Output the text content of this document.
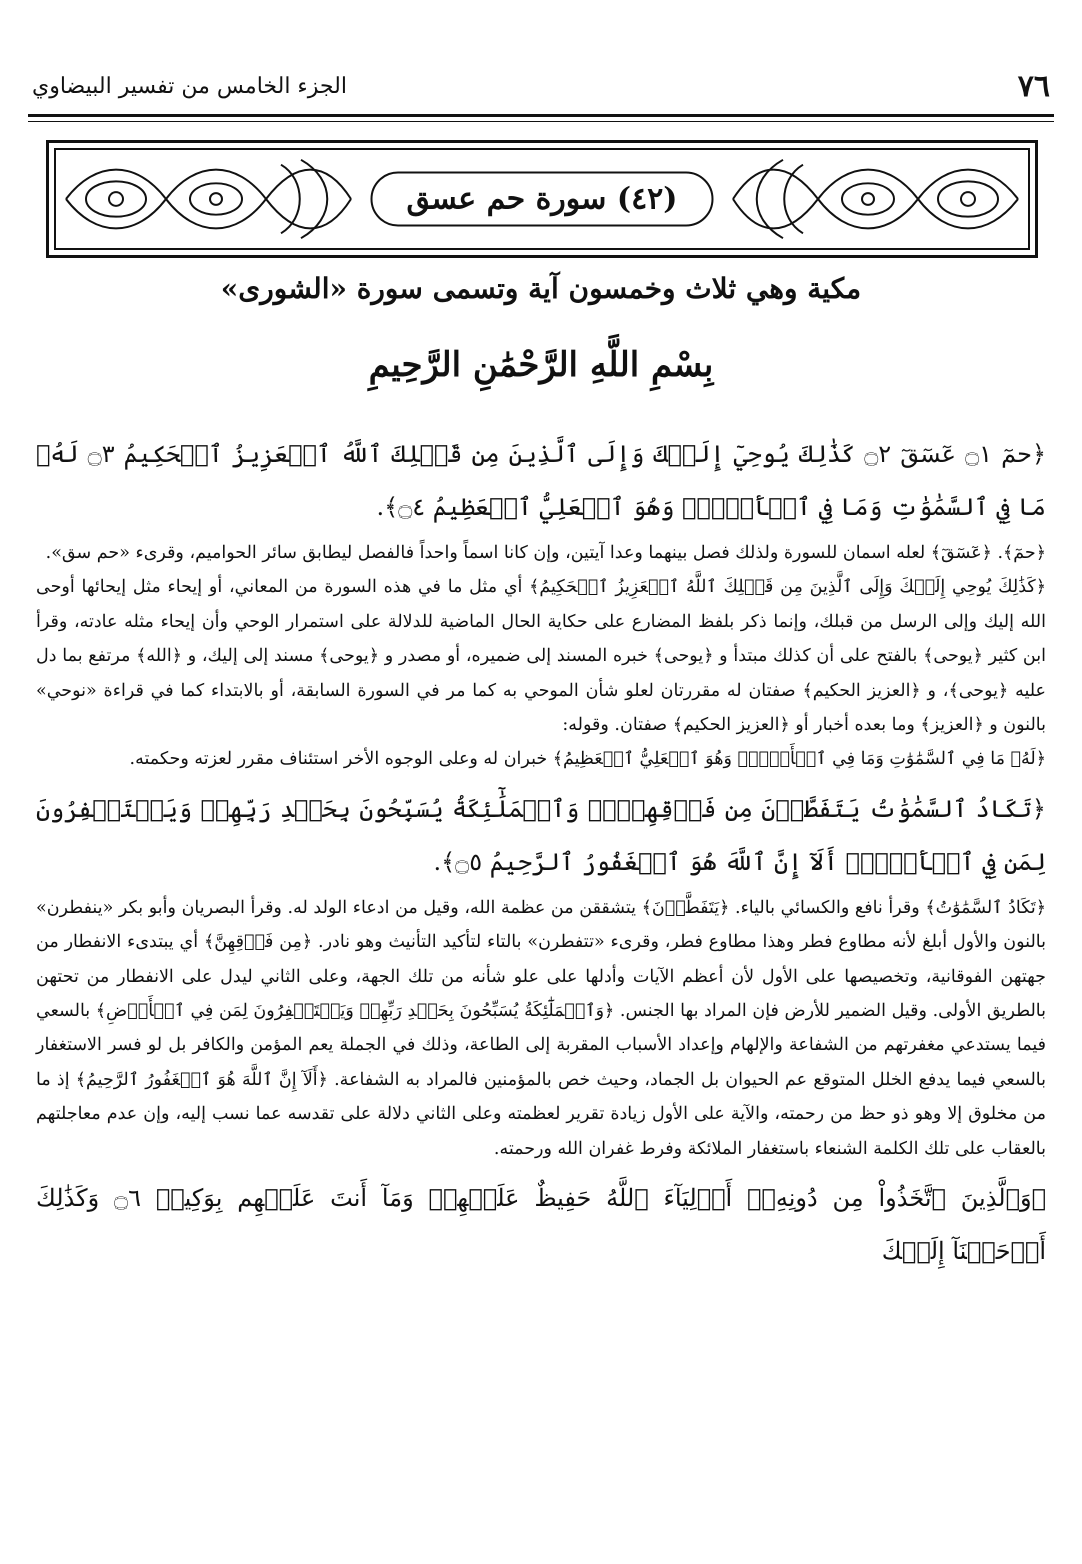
الجزء الخامس من تفسير البيضاوي	٧٦
(٤٢) سورة حم عسق
مكية وهي ثلاث وخمسون آية وتسمى سورة «الشورى»
بِسْمِ اللَّهِ الرَّحْمَٰنِ الرَّحِيمِ

﴿حمٓ ۝١ عٓسٓقٓ ۝٢ كَذَٰلِكَ يُوحِيٓ إِلَيۡكَ وَإِلَى ٱلَّذِينَ مِن قَبۡلِكَ ٱللَّهُ ٱلۡعَزِيزُ ٱلۡحَكِيمُ ۝٣ لَهُۥ مَا فِي ٱلسَّمَٰوَٰتِ وَمَا فِي ٱلۡأَرۡضِۖ وَهُوَ ٱلۡعَلِيُّ ٱلۡعَظِيمُ ۝٤﴾.

﴿حمٓ﴾. ﴿عٓسٓقٓ﴾ لعله اسمان للسورة ولذلك فصل بينهما وعدا آيتين، وإن كانا اسماً واحداً فالفصل ليطابق سائر الحواميم، وقرىء «حم سق».

﴿كَذَٰلِكَ يُوحِي إِلَيۡكَ وَإِلَى ٱلَّذِينَ مِن قَبۡلِكَ ٱللَّهُ ٱلۡعَزِيزُ ٱلۡحَكِيمُ﴾ أي مثل ما في هذه السورة من المعاني، أو إيحاء مثل إيحائها أوحى الله إليك وإلى الرسل من قبلك، وإنما ذكر بلفظ المضارع على حكاية الحال الماضية للدلالة على استمرار الوحي وأن إيحاء مثله عادته، وقرأ ابن كثير ﴿يوحى﴾ بالفتح على أن كذلك مبتدأ و ﴿يوحى﴾ خبره المسند إلى ضميره، أو مصدر و ﴿يوحى﴾ مسند إلى إليك، و ﴿الله﴾ مرتفع بما دل عليه ﴿يوحى﴾، و ﴿العزيز الحكيم﴾ صفتان له مقررتان لعلو شأن الموحي به كما مر في السورة السابقة، أو بالابتداء كما في قراءة «نوحي» بالنون و ﴿العزيز﴾ وما بعده أخبار أو ﴿العزيز الحكيم﴾ صفتان. وقوله:

﴿لَهُۥ مَا فِي ٱلسَّمَٰوَٰتِ وَمَا فِي ٱلۡأَرۡضِۖ وَهُوَ ٱلۡعَلِيُّ ٱلۡعَظِيمُ﴾ خبران له وعلى الوجوه الأخر استئناف مقرر لعزته وحكمته.

﴿تَكَادُ ٱلسَّمَٰوَٰتُ يَتَفَطَّرۡنَ مِن فَوۡقِهِنَّۚ وَٱلۡمَلَٰٓئِكَةُ يُسَبِّحُونَ بِحَمۡدِ رَبِّهِمۡ وَيَسۡتَغۡفِرُونَ لِمَن فِي ٱلۡأَرۡضِۗ أَلَآ إِنَّ ٱللَّهَ هُوَ ٱلۡغَفُورُ ٱلرَّحِيمُ ۝٥﴾.

﴿تَكَادُ ٱلسَّمَٰوَٰتُ﴾ وقرأ نافع والكسائي بالياء. ﴿يَتَفَطَّرۡنَ﴾ يتشققن من عظمة الله، وقيل من ادعاء الولد له. وقرأ البصريان وأبو بكر «ينفطرن» بالنون والأول أبلغ لأنه مطاوع فطر وهذا مطاوع فطر، وقرىء «تتفطرن» بالتاء لتأكيد التأنيث وهو نادر. ﴿مِن فَوۡقِهِنَّ﴾ أي يبتدىء الانفطار من جهتهن الفوقانية، وتخصيصها على الأول لأن أعظم الآيات وأدلها على علو شأنه من تلك الجهة، وعلى الثاني ليدل على الانفطار من تحتهن بالطريق الأولى. وقيل الضمير للأرض فإن المراد بها الجنس. ﴿وَٱلۡمَلَٰٓئِكَةُ يُسَبِّحُونَ بِحَمۡدِ رَبِّهِمۡ وَيَسۡتَغۡفِرُونَ لِمَن فِي ٱلۡأَرۡضِ﴾ بالسعي فيما يستدعي مغفرتهم من الشفاعة والإلهام وإعداد الأسباب المقربة إلى الطاعة، وذلك في الجملة يعم المؤمن والكافر بل لو فسر الاستغفار بالسعي فيما يدفع الخلل المتوقع عم الحيوان بل الجماد، وحيث خص بالمؤمنين فالمراد به الشفاعة. ﴿أَلَآ إِنَّ ٱللَّهَ هُوَ ٱلۡغَفُورُ ٱلرَّحِيمُ﴾ إذ ما من مخلوق إلا وهو ذو حظ من رحمته، والآية على الأول زيادة تقرير لعظمته وعلى الثاني دلالة على تقدسه عما نسب إليه، وإن عدم معاجلتهم بالعقاب على تلك الكلمة الشنعاء باستغفار الملائكة وفرط غفران الله ورحمته.

﴿وَٱلَّذِينَ ٱتَّخَذُواْ مِن دُونِهِۦٓ أَوۡلِيَآءَ ٱللَّهُ حَفِيظٌ عَلَيۡهِمۡ وَمَآ أَنتَ عَلَيۡهِم بِوَكِيلٖ ۝٦ وَكَذَٰلِكَ أَوۡحَيۡنَآ إِلَيۡكَ
